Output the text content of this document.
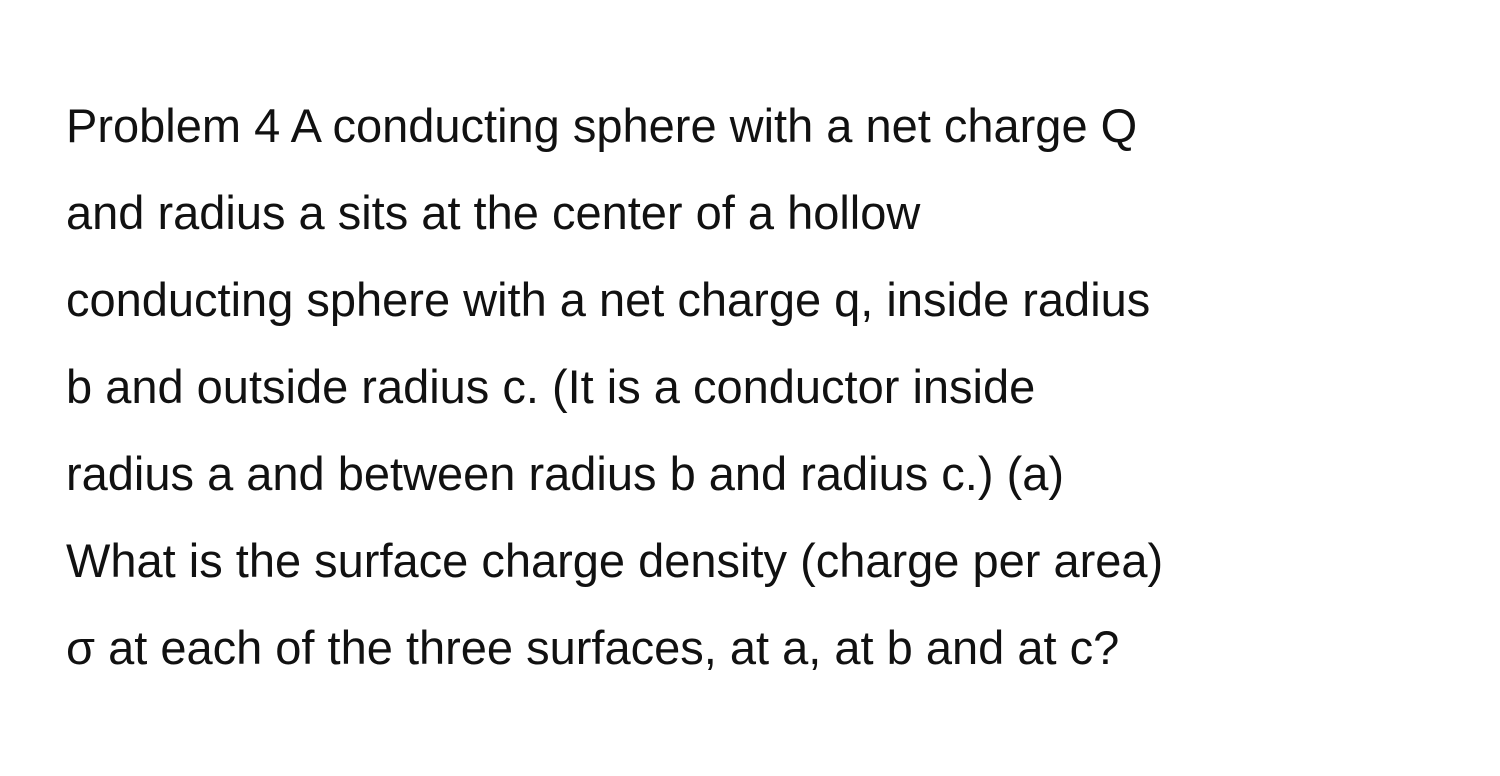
Problem 4 A conducting sphere with a net charge Q
and radius a sits at the center of a hollow
conducting sphere with a net charge q, inside radius
b and outside radius c. (It is a conductor inside
radius a and between radius b and radius c.) (a)
What is the surface charge density (charge per area)
σ at each of the three surfaces, at a, at b and at c?
